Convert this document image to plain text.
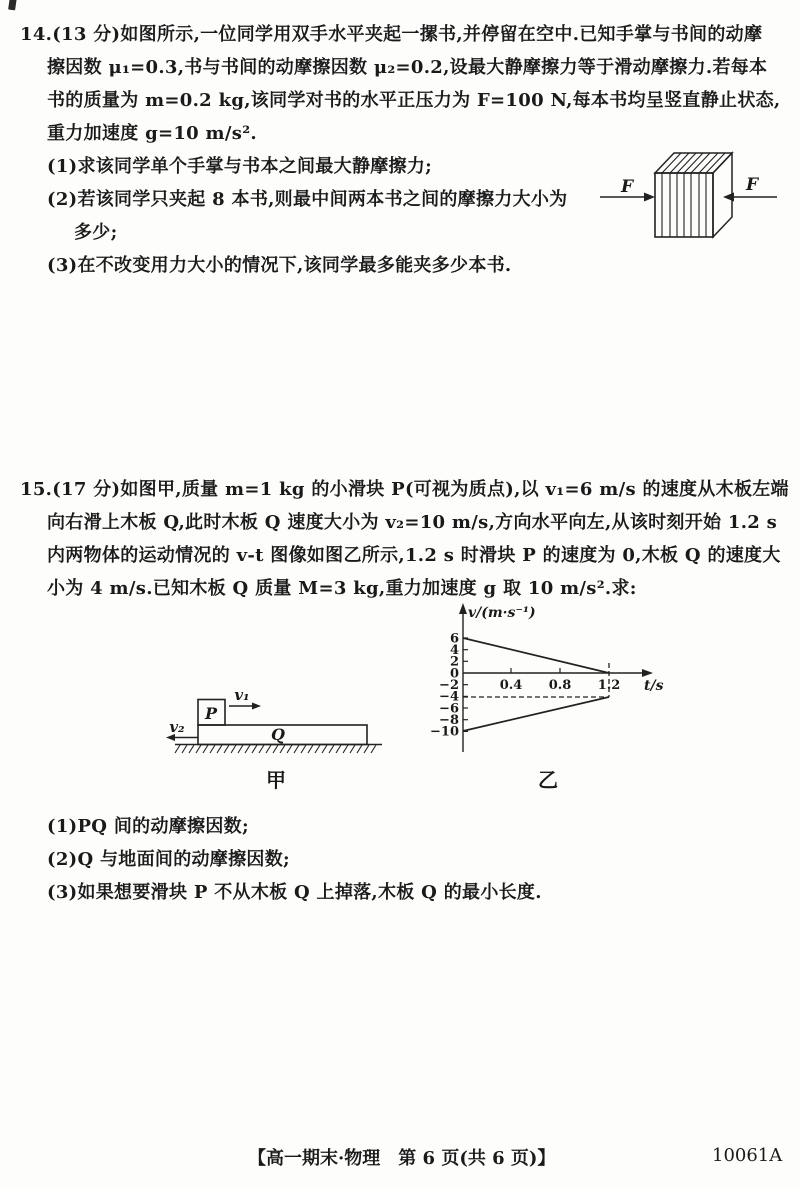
14.(13 分)如图所示,一位同学用双手水平夹起一摞书,并停留在空中.已知手掌与书间的动摩
擦因数 μ₁=0.3,书与书间的动摩擦因数 μ₂=0.2,设最大静摩擦力等于滑动摩擦力.若每本
书的质量为 m=0.2 kg,该同学对书的水平正压力为 F=100 N,每本书均呈竖直静止状态,
重力加速度 g=10 m/s².
(1)求该同学单个手掌与书本之间最大静摩擦力;
(2)若该同学只夹起 8 本书,则最中间两本书之间的摩擦力大小为
多少;
(3)在不改变用力大小的情况下,该同学最多能夹多少本书.
F	F
15.(17 分)如图甲,质量 m=1 kg 的小滑块 P(可视为质点),以 v₁=6 m/s 的速度从木板左端
向右滑上木板 Q,此时木板 Q 速度大小为 v₂=10 m/s,方向水平向左,从该时刻开始 1.2 s
内两物体的运动情况的 v-t 图像如图乙所示,1.2 s 时滑块 P 的速度为 0,木板 Q 的速度大
小为 4 m/s.已知木板 Q 质量 M=3 kg,重力加速度 g 取 10 m/s².求:
v₁
v₂
P
Q
甲
v/(m·s⁻¹)
t/s
6
4
2
0
−2
−4
−6
−8
−10
0.4 0.8 1.2
乙
(1)PQ 间的动摩擦因数;
(2)Q 与地面间的动摩擦因数;
(3)如果想要滑块 P 不从木板 Q 上掉落,木板 Q 的最小长度.
【高一期末·物理　第 6 页(共 6 页)】	10061A
